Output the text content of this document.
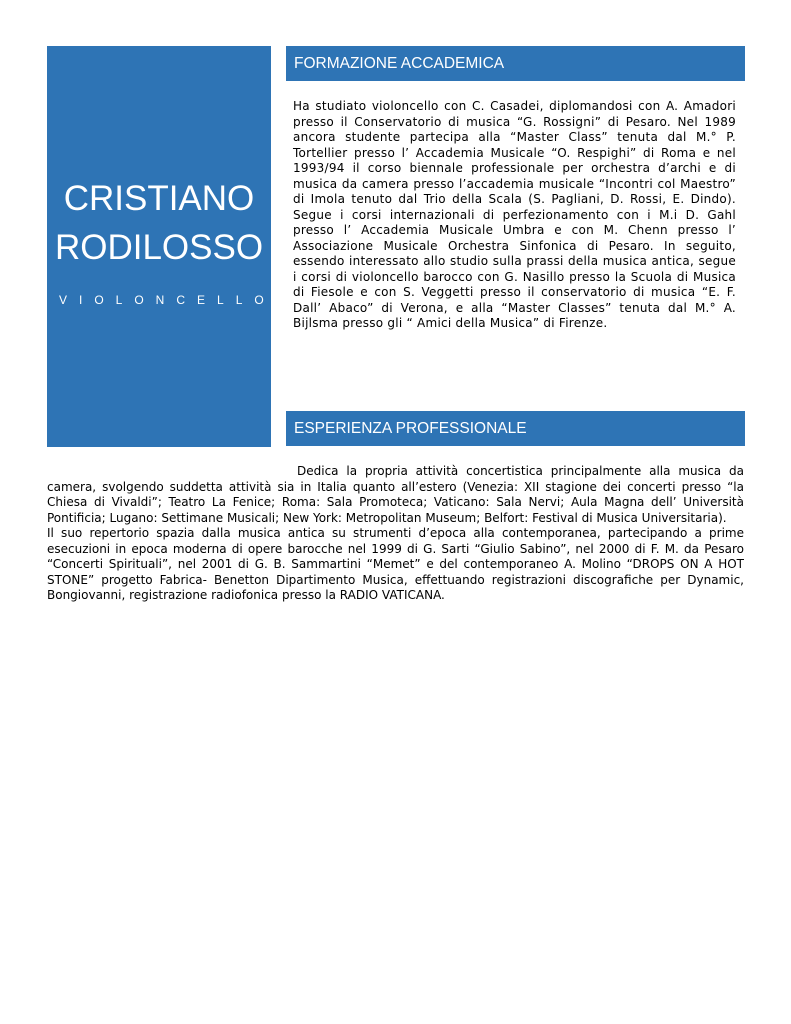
CRISTIANO
RODILOSSO
VIOLONCELLO
FORMAZIONE ACCADEMICA
Ha studiato violoncello con C. Casadei, diplomandosi con A. Amadori presso il Conservatorio di musica “G. Rossigni” di Pesaro. Nel 1989 ancora studente partecipa alla “Master Class” tenuta dal M.° P. Tortellier presso l’ Accademia Musicale “O. Respighi” di Roma e nel 1993/94 il corso biennale professionale per orchestra d’archi e di musica da camera presso l’accademia musicale “Incontri col Maestro” di Imola tenuto dal Trio della Scala (S. Pagliani, D. Rossi, E. Dindo). Segue i corsi internazionali di perfezionamento con i M.i D. Gahl presso l’ Accademia Musicale Umbra e con M. Chenn presso l’ Associazione Musicale Orchestra Sinfonica di Pesaro. In seguito, essendo interessato allo studio sulla prassi della musica antica, segue i corsi di violoncello barocco con G. Nasillo presso la Scuola di Musica di Fiesole e con S. Veggetti presso il conservatorio di musica “E. F. Dall’ Abaco” di Verona, e alla “Master Classes” tenuta dal M.° A. Bijlsma presso gli “ Amici della Musica” di Firenze.
ESPERIENZA PROFESSIONALE

Dedica la propria attività concertistica principalmente alla musica da camera, svolgendo suddetta attività sia in Italia quanto all’estero (Venezia: XII stagione dei concerti presso “la Chiesa di Vivaldi”; Teatro La Fenice; Roma: Sala Promoteca; Vaticano: Sala Nervi; Aula Magna dell’ Università Pontificia; Lugano: Settimane Musicali; New York: Metropolitan Museum; Belfort: Festival di Musica Universitaria).

Il suo repertorio spazia dalla musica antica su strumenti d’epoca alla contemporanea, partecipando a prime esecuzioni in epoca moderna di opere barocche nel 1999 di G. Sarti “Giulio Sabino”, nel 2000 di F. M. da Pesaro “Concerti Spirituali”, nel 2001 di G. B. Sammartini “Memet” e del contemporaneo A. Molino “DROPS ON A HOT STONE” progetto Fabrica- Benetton Dipartimento Musica, effettuando registrazioni discografiche per Dynamic, Bongiovanni, registrazione radiofonica presso la RADIO VATICANA.
